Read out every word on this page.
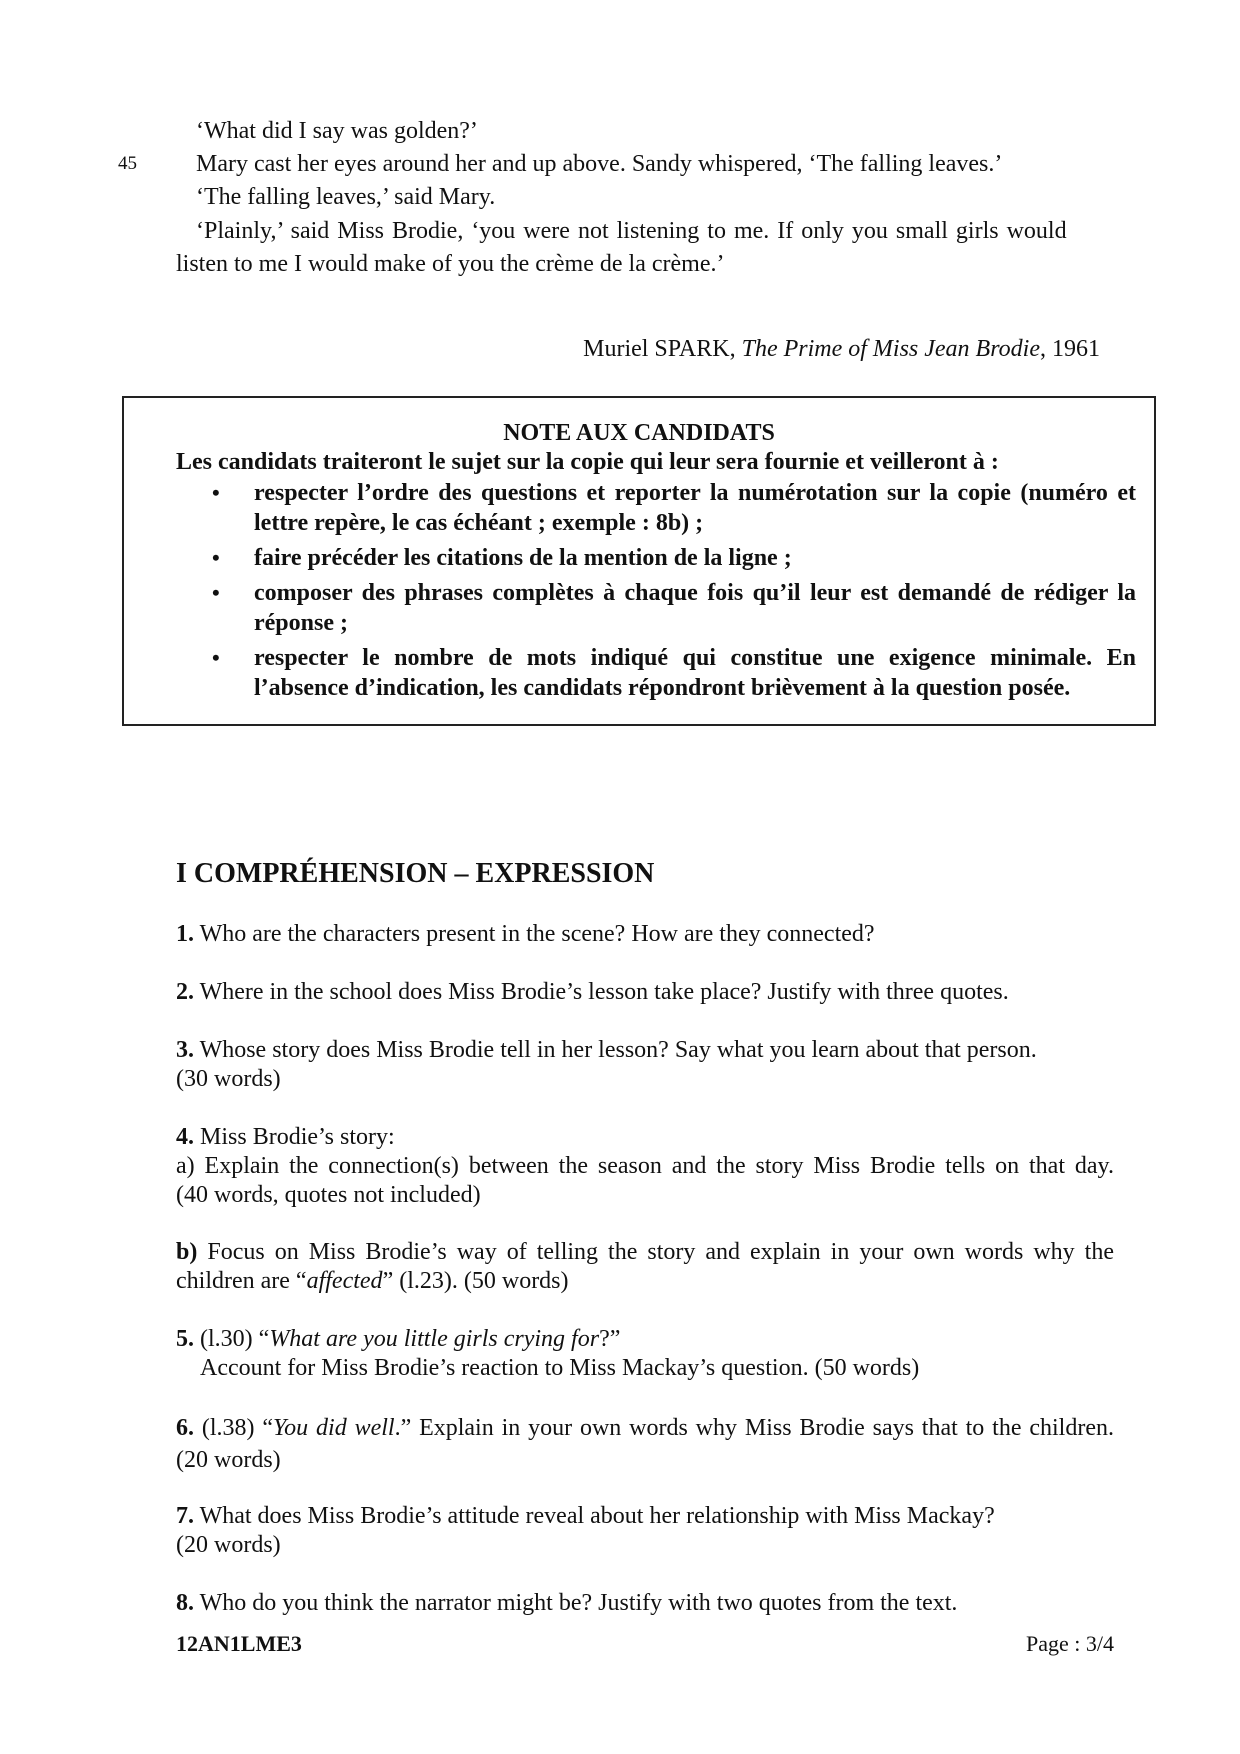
‘What did I say was golden?’
45 Mary cast her eyes around her and up above. Sandy whispered, ‘The falling leaves.’
‘The falling leaves,’ said Mary.
‘Plainly,’ said Miss Brodie, ‘you were not listening to me. If only you small girls would
listen to me I would make of you the crème de la crème.’
Muriel SPARK, The Prime of Miss Jean Brodie, 1961
NOTE AUX CANDIDATS
Les candidats traiteront le sujet sur la copie qui leur sera fournie et veilleront à :
• respecter l’ordre des questions et reporter la numérotation sur la copie (numéro et lettre repère, le cas échéant ; exemple : 8b) ;
• faire précéder les citations de la mention de la ligne ;
• composer des phrases complètes à chaque fois qu’il leur est demandé de rédiger la réponse ;
• respecter le nombre de mots indiqué qui constitue une exigence minimale. En l’absence d’indication, les candidats répondront brièvement à la question posée.
I COMPRÉHENSION – EXPRESSION
1. Who are the characters present in the scene? How are they connected?
2. Where in the school does Miss Brodie’s lesson take place? Justify with three quotes.
3. Whose story does Miss Brodie tell in her lesson? Say what you learn about that person.
(30 words)
4. Miss Brodie’s story:
a) Explain the connection(s) between the season and the story Miss Brodie tells on that day.
(40 words, quotes not included)
b) Focus on Miss Brodie’s way of telling the story and explain in your own words why the children are “affected” (l.23). (50 words)
5. (l.30) “What are you little girls crying for?”
Account for Miss Brodie’s reaction to Miss Mackay’s question. (50 words)
6. (l.38) “You did well.” Explain in your own words why Miss Brodie says that to the children. (20 words)
7. What does Miss Brodie’s attitude reveal about her relationship with Miss Mackay?
(20 words)
8. Who do you think the narrator might be? Justify with two quotes from the text.
12AN1LME3	Page : 3/4
